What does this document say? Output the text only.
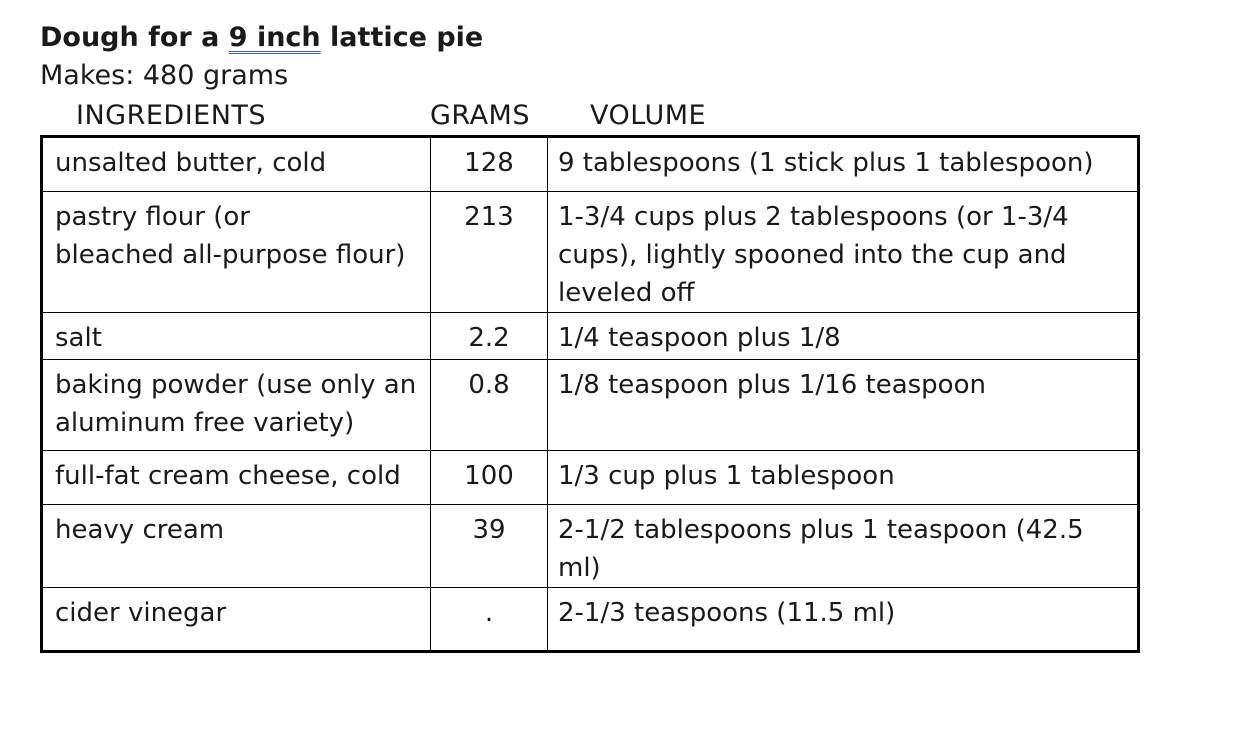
Dough for a 9 inch lattice pie
Makes: 480 grams
INGREDIENTS	GRAMS VOLUME
unsalted butter, cold	128	9 tablespoons (1 stick plus 1 tablespoon)
pastry flour (or
bleached all-purpose flour)	213	1-3/4 cups plus 2 tablespoons (or 1-3/4 cups), lightly spooned into the cup and leveled off
salt	2.2	1/4 teaspoon plus 1/8
baking powder (use only an aluminum free variety)	0.8	1/8 teaspoon plus 1/16 teaspoon
full-fat cream cheese, cold	100	1/3 cup plus 1 tablespoon
heavy cream	39	2-1/2 tablespoons plus 1 teaspoon (42.5 ml)
cider vinegar	.	2-1/3 teaspoons (11.5 ml)
